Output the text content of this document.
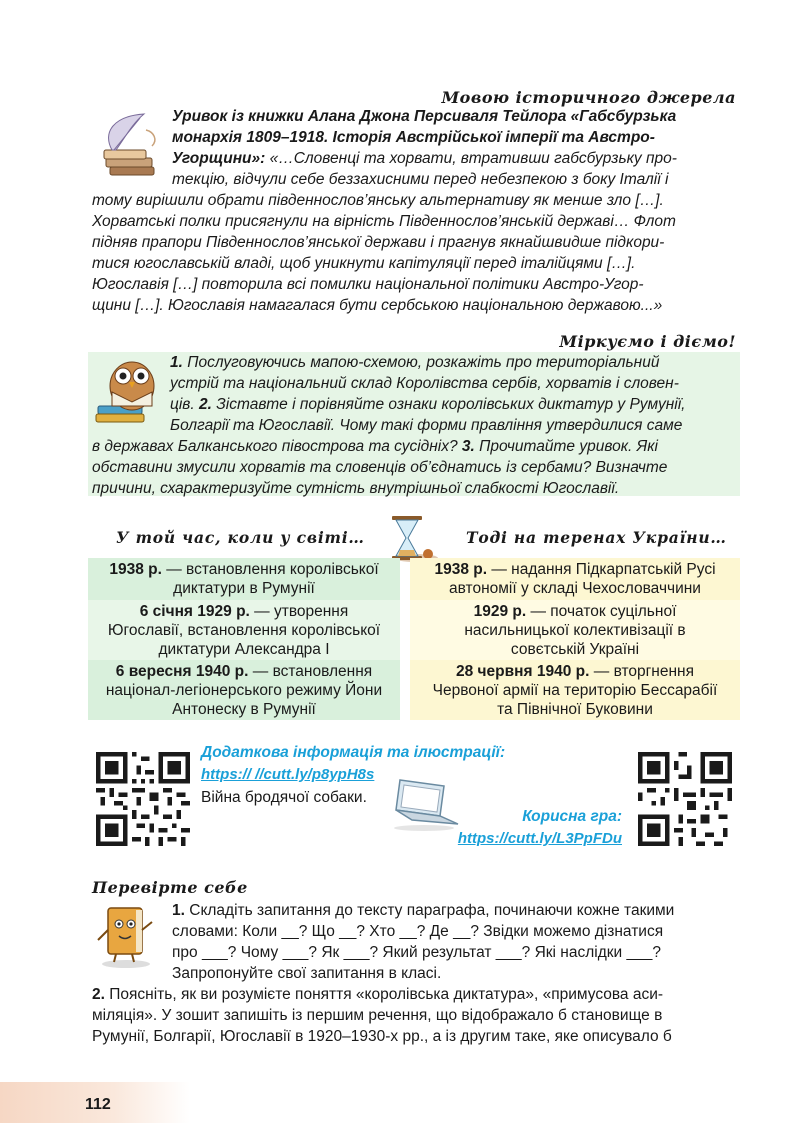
Мовою історичного джерела
Уривок із книжки Алана Джона Персиваля Тейлора «Габсбурзька
монархія 1809–1918. Історія Австрійської імперії та Австро-
Угорщини»: «…Словенці та хорвати, втративши габсбурзьку про-
текцію, відчули себе беззахисними перед небезпекою з боку Італії і
тому вирішили обрати південнослов’янську альтернативу як менше зло […].
Хорватські полки присягнули на вірність Південнослов’янській державі… Флот
підняв прапори Південнослов’янської держави і прагнув якнайшвидше підкори-
тися югославській владі, щоб уникнути капітуляції перед італійцями […].
Югославія […] повторила всі помилки національної політики Австро-Угор-
щини […]. Югославія намагалася бути сербською національною державою...»
Міркуємо і діємо!
1. Послуговуючись мапою-схемою, розкажіть про територіальний
устрій та національний склад Королівства сербів, хорватів і словен-
ців. 2. Зіставте і порівняйте ознаки королівських диктатур у Румунії,
Болгарії та Югославії. Чому такі форми правління утвердилися саме
в державах Балканського півострова та сусідніх? 3. Прочитайте уривок. Які
обставини змусили хорватів та словенців об’єднатись із сербами? Визначте
причини, схарактеризуйте сутність внутрішньої слабкості Югославії.
У той час, коли у світі…	Тоді на теренах України…
1938 р. — встановлення королівської
диктатури в Румунії
6 січня 1929 р. — утворення
Югославії, встановлення королівської
диктатури Александра I
6 вересня 1940 р. — встановлення
націонал-легіонерського режиму Йони
Антонеску в Румунії
1938 р. — надання Підкарпатській Русі
автономії у складі Чехословаччини
1929 р. — початок суцільної
насильницької колективізації в
совєтській Україні
28 червня 1940 р. — вторгнення
Червоної армії на територію Бессарабії
та Північної Буковини
Додаткова інформація та ілюстрації:
https:// //cutt.ly/p8ypH8s
Війна бродячої собаки.
Корисна гра:
https://cutt.ly/L3PpFDu
Перевірте себе
1. Складіть запитання до тексту параграфа, починаючи кожне такими
словами: Коли __? Що __? Хто __? Де __? Звідки можемо дізнатися
про ___? Чому ___? Як ___? Який результат ___? Які наслідки ___?
Запропонуйте свої запитання в класі.
2. Поясніть, як ви розумієте поняття «королівська диктатура», «примусова аси-
міляція». У зошит запишіть із першим речення, що відображало б становище в
Румунії, Болгарії, Югославії в 1920–1930-х рр., а із другим таке, яке описувало б
112
